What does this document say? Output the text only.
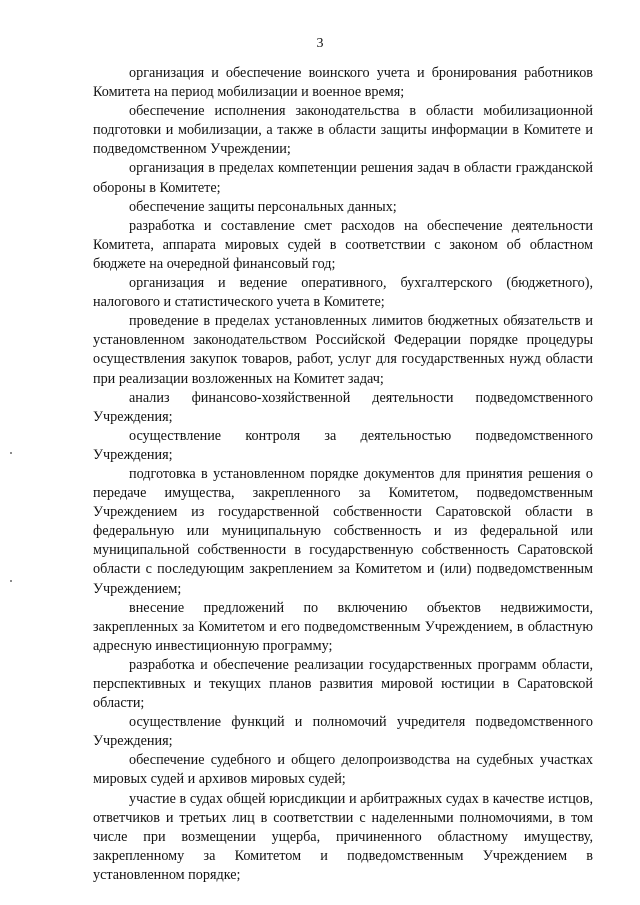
3

организация и обеспечение воинского учета и бронирования работников Комитета на период мобилизации и военное время;

обеспечение исполнения законодательства в области мобилизационной подготовки и мобилизации, а также в области защиты информации в Комитете и подведомственном Учреждении;

организация в пределах компетенции решения задач в области гражданской обороны в Комитете;

обеспечение защиты персональных данных;

разработка и составление смет расходов на обеспечение деятельности Комитета, аппарата мировых судей в соответствии с законом об областном бюджете на очередной финансовый год;

организация и ведение оперативного, бухгалтерского (бюджетного), налогового и статистического учета в Комитете;

проведение в пределах установленных лимитов бюджетных обязательств и установленном законодательством Российской Федерации порядке процедуры осуществления закупок товаров, работ, услуг для государственных нужд области при реализации возложенных на Комитет задач;

анализ финансово-хозяйственной деятельности подведомственного Учреждения;

осуществление контроля за деятельностью подведомственного Учреждения;

подготовка в установленном порядке документов для принятия решения о передаче имущества, закрепленного за Комитетом, подведомственным Учреждением из государственной собственности Саратовской области в федеральную или муниципальную собственность и из федеральной или муниципальной собственности в государственную собственность Саратовской области с последующим закреплением за Комитетом и (или) подведомственным Учреждением;

внесение предложений по включению объектов недвижимости, закрепленных за Комитетом и его подведомственным Учреждением, в областную адресную инвестиционную программу;

разработка и обеспечение реализации государственных программ области, перспективных и текущих планов развития мировой юстиции в Саратовской области;

осуществление функций и полномочий учредителя подведомственного Учреждения;

обеспечение судебного и общего делопроизводства на судебных участках мировых судей и архивов мировых судей;

участие в судах общей юрисдикции и арбитражных судах в качестве истцов, ответчиков и третьих лиц в соответствии с наделенными полномочиями, в том числе при возмещении ущерба, причиненного областному имуществу, закрепленному за Комитетом и подведомственным Учреждением в установленном порядке;
